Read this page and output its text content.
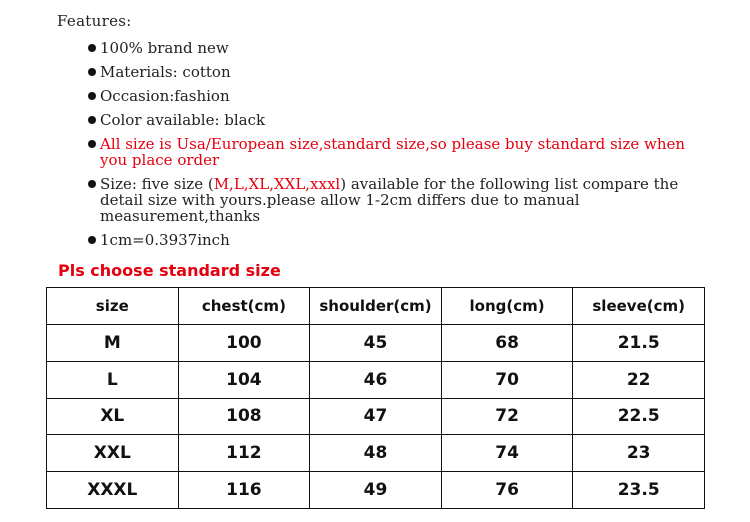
Features:
100% brand new
Materials: cotton
Occasion:fashion
Color available: black
All size is Usa/European size,standard size,so please buy standard size when you place order
Size: five size (M,L,XL,XXL,xxxl) available for the following list compare the detail size with yours.please allow 1-2cm differs due to manual measurement,thanks
1cm=0.3937inch
Pls choose standard size
size	chest(cm)	shoulder(cm)	long(cm)	sleeve(cm)
M	100	45	68	21.5
L	104	46	70	22
XL	108	47	72	22.5
XXL	112	48	74	23
XXXL	116	49	76	23.5
